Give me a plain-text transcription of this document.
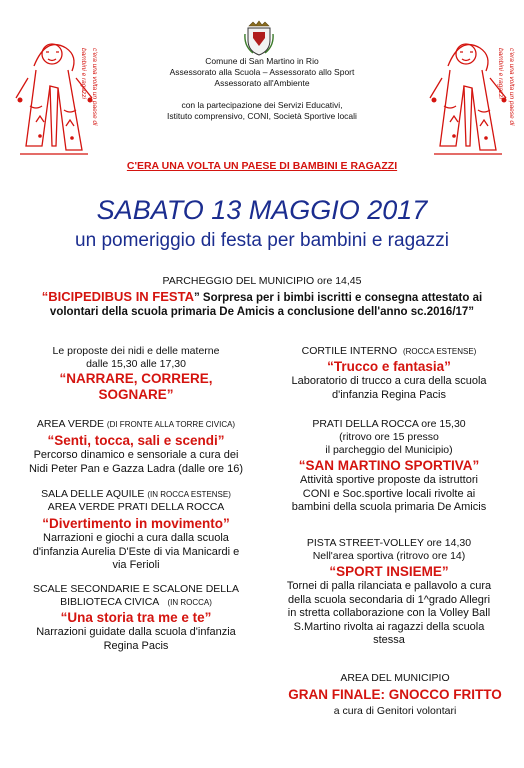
c'era una volta un paese di bambini e ragazzi	c'era una volta un paese di bambini e ragazzi
Comune di San Martino in Rio
Assessorato alla Scuola – Assessorato allo Sport
Assessorato all'Ambiente
con la partecipazione dei Servizi Educativi,
Istituto comprensivo, CONI, Società Sportive locali
C'ERA UNA VOLTA UN PAESE DI BAMBINI E RAGAZZI
SABATO 13 MAGGIO 2017
un pomeriggio di festa per bambini e ragazzi
PARCHEGGIO DEL MUNICIPIO ore 14,45
“BICIPEDIBUS IN FESTA” Sorpresa per i bimbi iscritti e consegna attestato ai
volontari della scuola primaria De Amicis a conclusione dell'anno sc.2016/17”
Le proposte dei nidi e delle materne
dalle 15,30 alle 17,30
“NARRARE, CORRERE,
SOGNARE”
AREA VERDE (DI FRONTE ALLA TORRE CIVICA)
“Senti, tocca, sali e scendi”
Percorso dinamico e sensoriale a cura dei
Nidi Peter Pan e Gazza Ladra (dalle ore 16)
SALA DELLE AQUILE (IN ROCCA ESTENSE)
AREA VERDE PRATI DELLA ROCCA
“Divertimento in movimento”
Narrazioni e giochi a cura dalla scuola
d'infanzia Aurelia D'Este di via Manicardi e
via Ferioli
SCALE SECONDARIE E SCALONE DELLA
BIBLIOTECA CIVICA (IN ROCCA)
“Una storia tra me e te”
Narrazioni guidate dalla scuola d'infanzia
Regina Pacis
CORTILE INTERNO (ROCCA ESTENSE)
“Trucco e fantasia”
Laboratorio di trucco a cura della scuola
d'infanzia Regina Pacis
PRATI DELLA ROCCA ore 15,30
(ritrovo ore 15 presso
il parcheggio del Municipio)
“SAN MARTINO SPORTIVA”
Attività sportive proposte da istruttori
CONI e Soc.sportive locali rivolte ai
bambini della scuola primaria De Amicis
PISTA STREET-VOLLEY ore 14,30
Nell'area sportiva (ritrovo ore 14)
“SPORT INSIEME”
Tornei di palla rilanciata e pallavolo a cura
della scuola secondaria di 1^grado Allegri
in stretta collaborazione con la Volley Ball
S.Martino rivolta ai ragazzi della scuola
stessa
AREA DEL MUNICIPIO
GRAN FINALE: GNOCCO FRITTO
a cura di Genitori volontari
